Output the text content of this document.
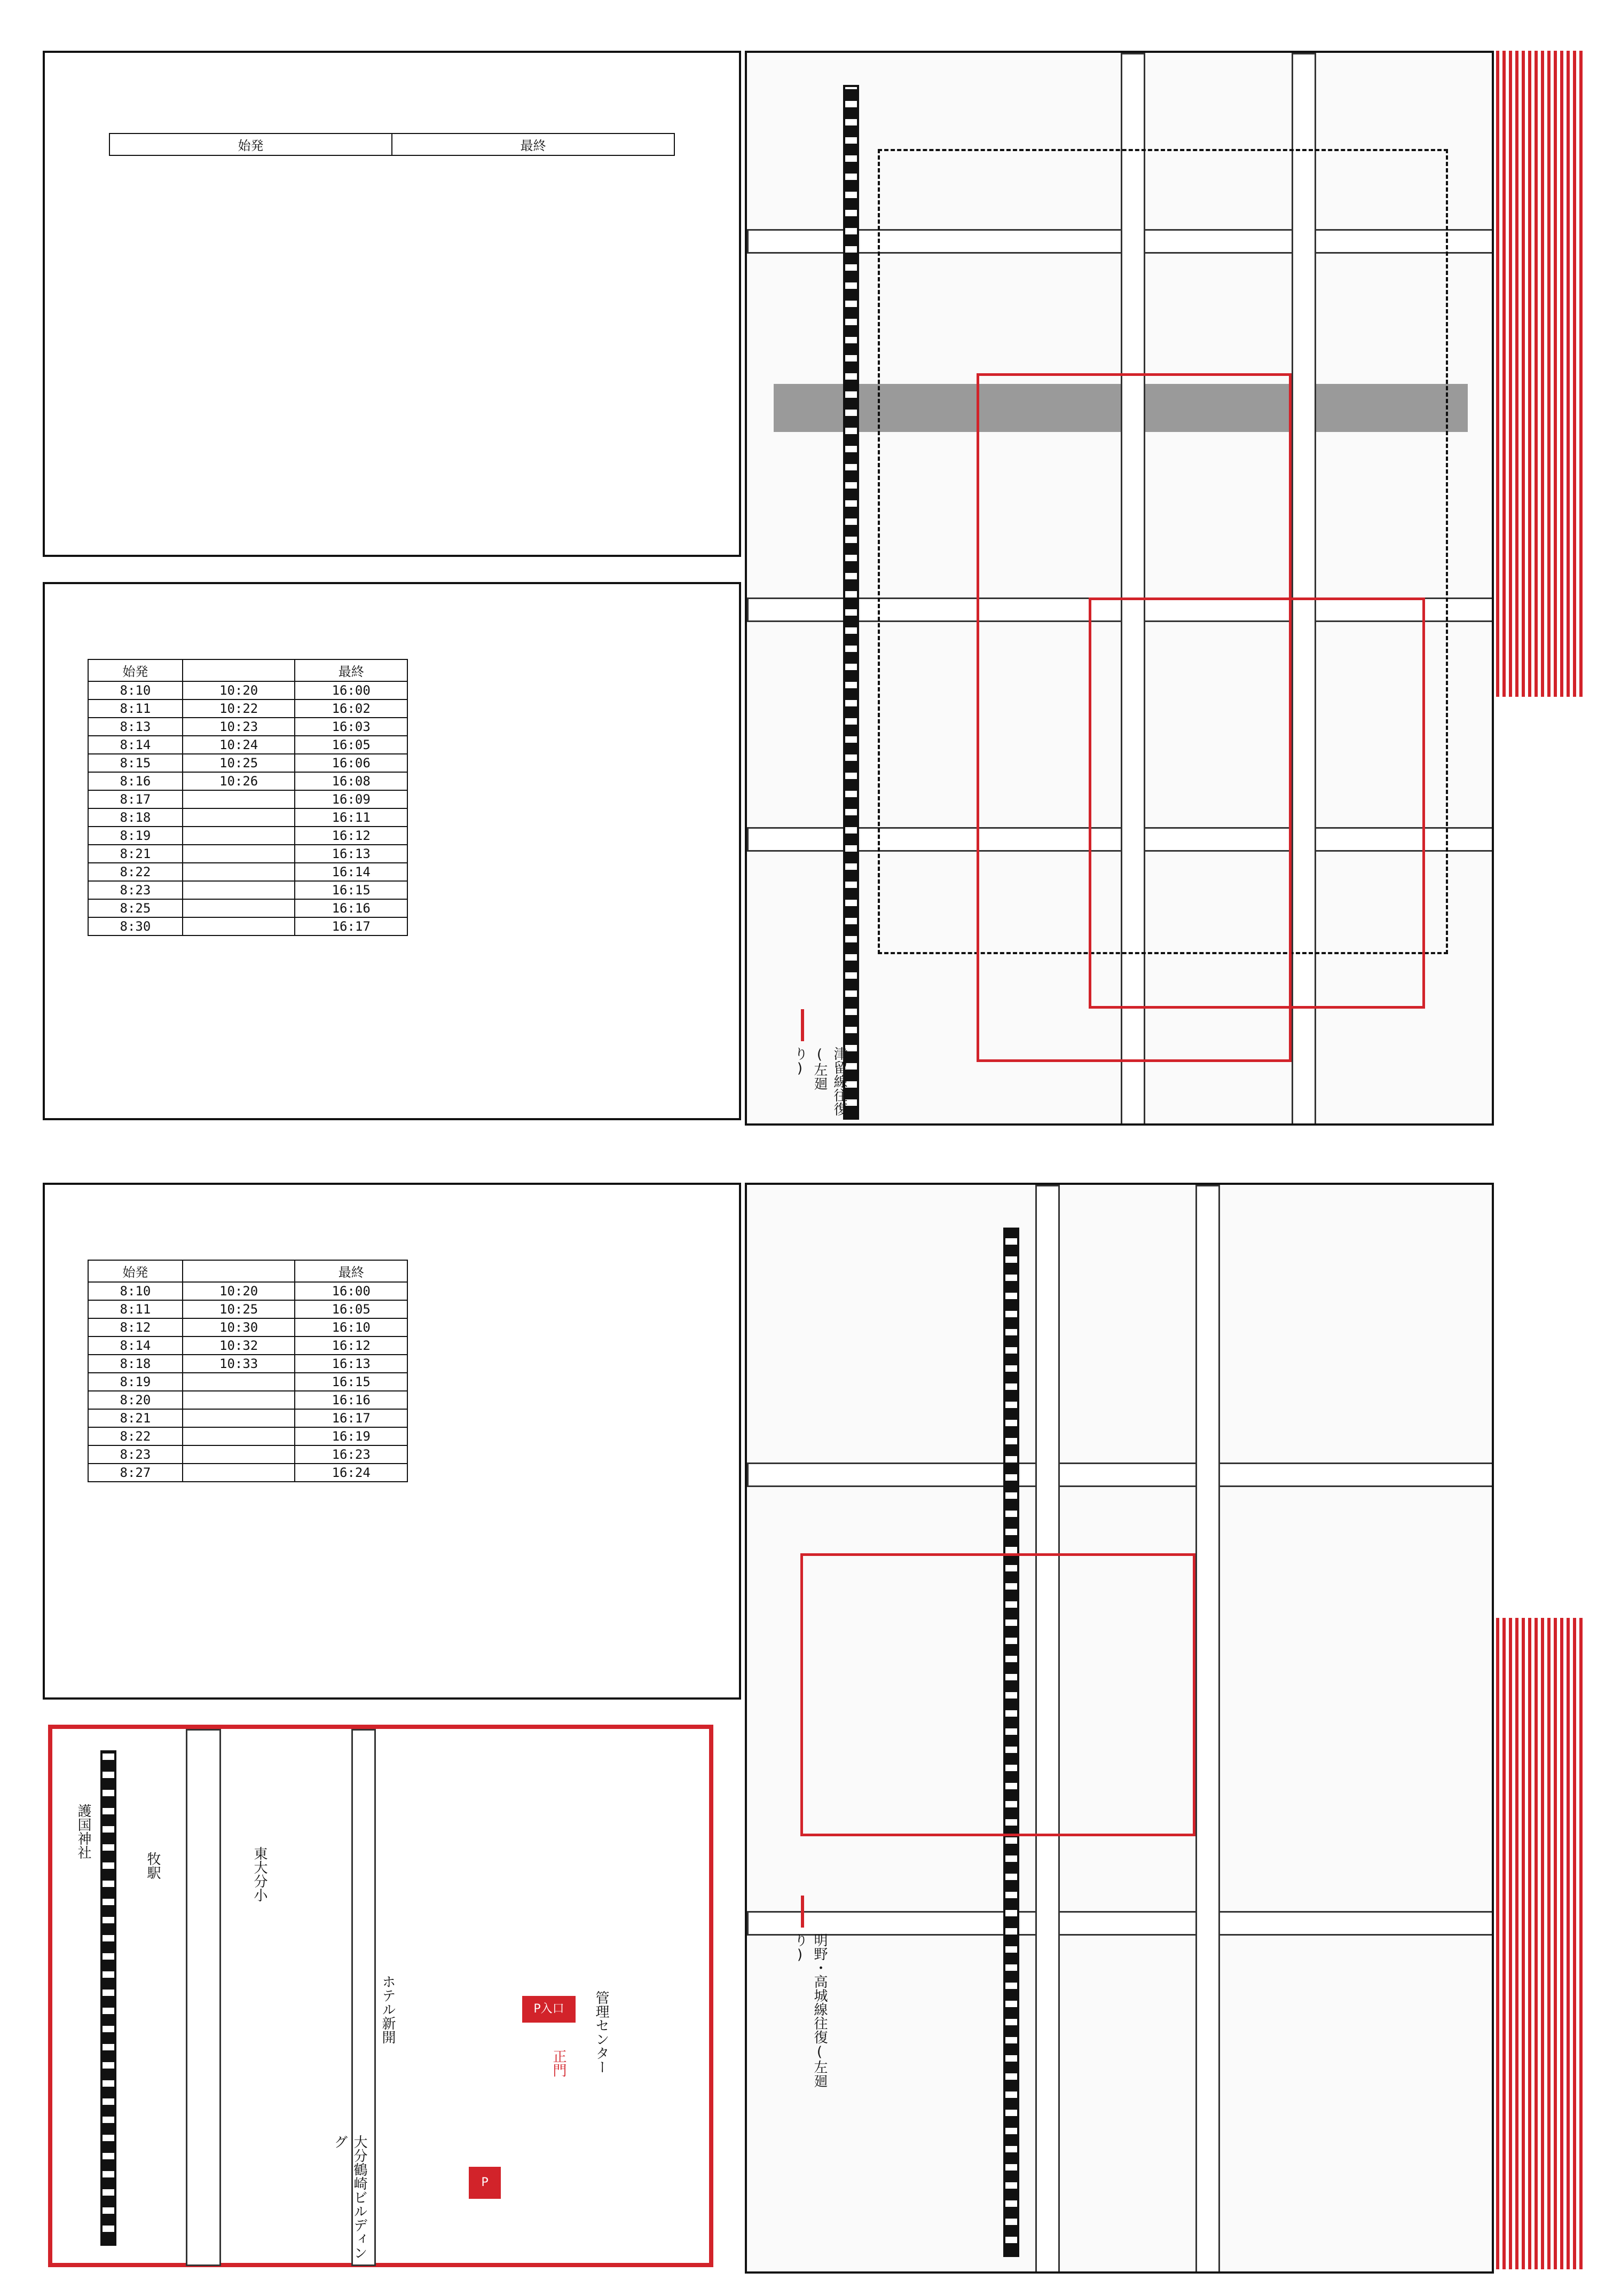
津留線往復(左廻り)
明野・高城線往復(左廻り)
始発	最終
始発		最終
8:10	10:20	16:00
8:11	10:22	16:02
8:13	10:23	16:03
8:14	10:24	16:05
8:15	10:25	16:06
8:16	10:26	16:08
8:17		16:09
8:18		16:11
8:19		16:12
8:21		16:13
8:22		16:14
8:23		16:15
8:25		16:16
8:30		16:17
始発		最終
8:10	10:20	16:00
8:11	10:25	16:05
8:12	10:30	16:10
8:14	10:32	16:12
8:18	10:33	16:13
8:19		16:15
8:20		16:16
8:21		16:17
8:22		16:19
8:23		16:23
8:27		16:24
牧駅	東大分小
護国神社
ホテル新開
大分鶴崎ビルディング
管理センター
正門
P
P入口
